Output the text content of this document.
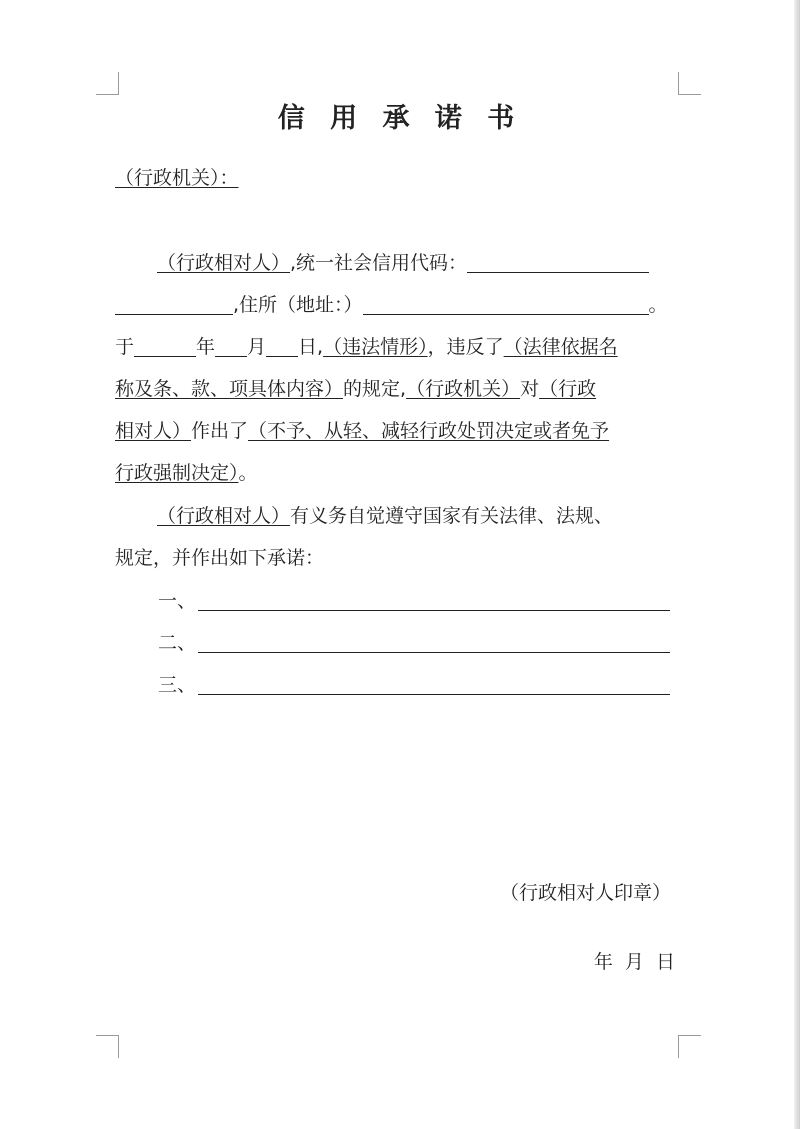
信 用 承 诺 书
（行政机关）：
（行政相对人）,统一社会信用代码：
,住所（地址：）	。
于	年 月 日,（违法情形），违反了（法律依据名
称及条、款、项具体内容）的规定,（行政机关）对（行政
相对人）作出了（不予、从轻、减轻行政处罚决定或者免予
行政强制决定）。
（行政相对人）有义务自觉遵守国家有关法律、法规、
规定，并作出如下承诺：
一、
二、
三、
（行政相对人印章）

年  月  日
